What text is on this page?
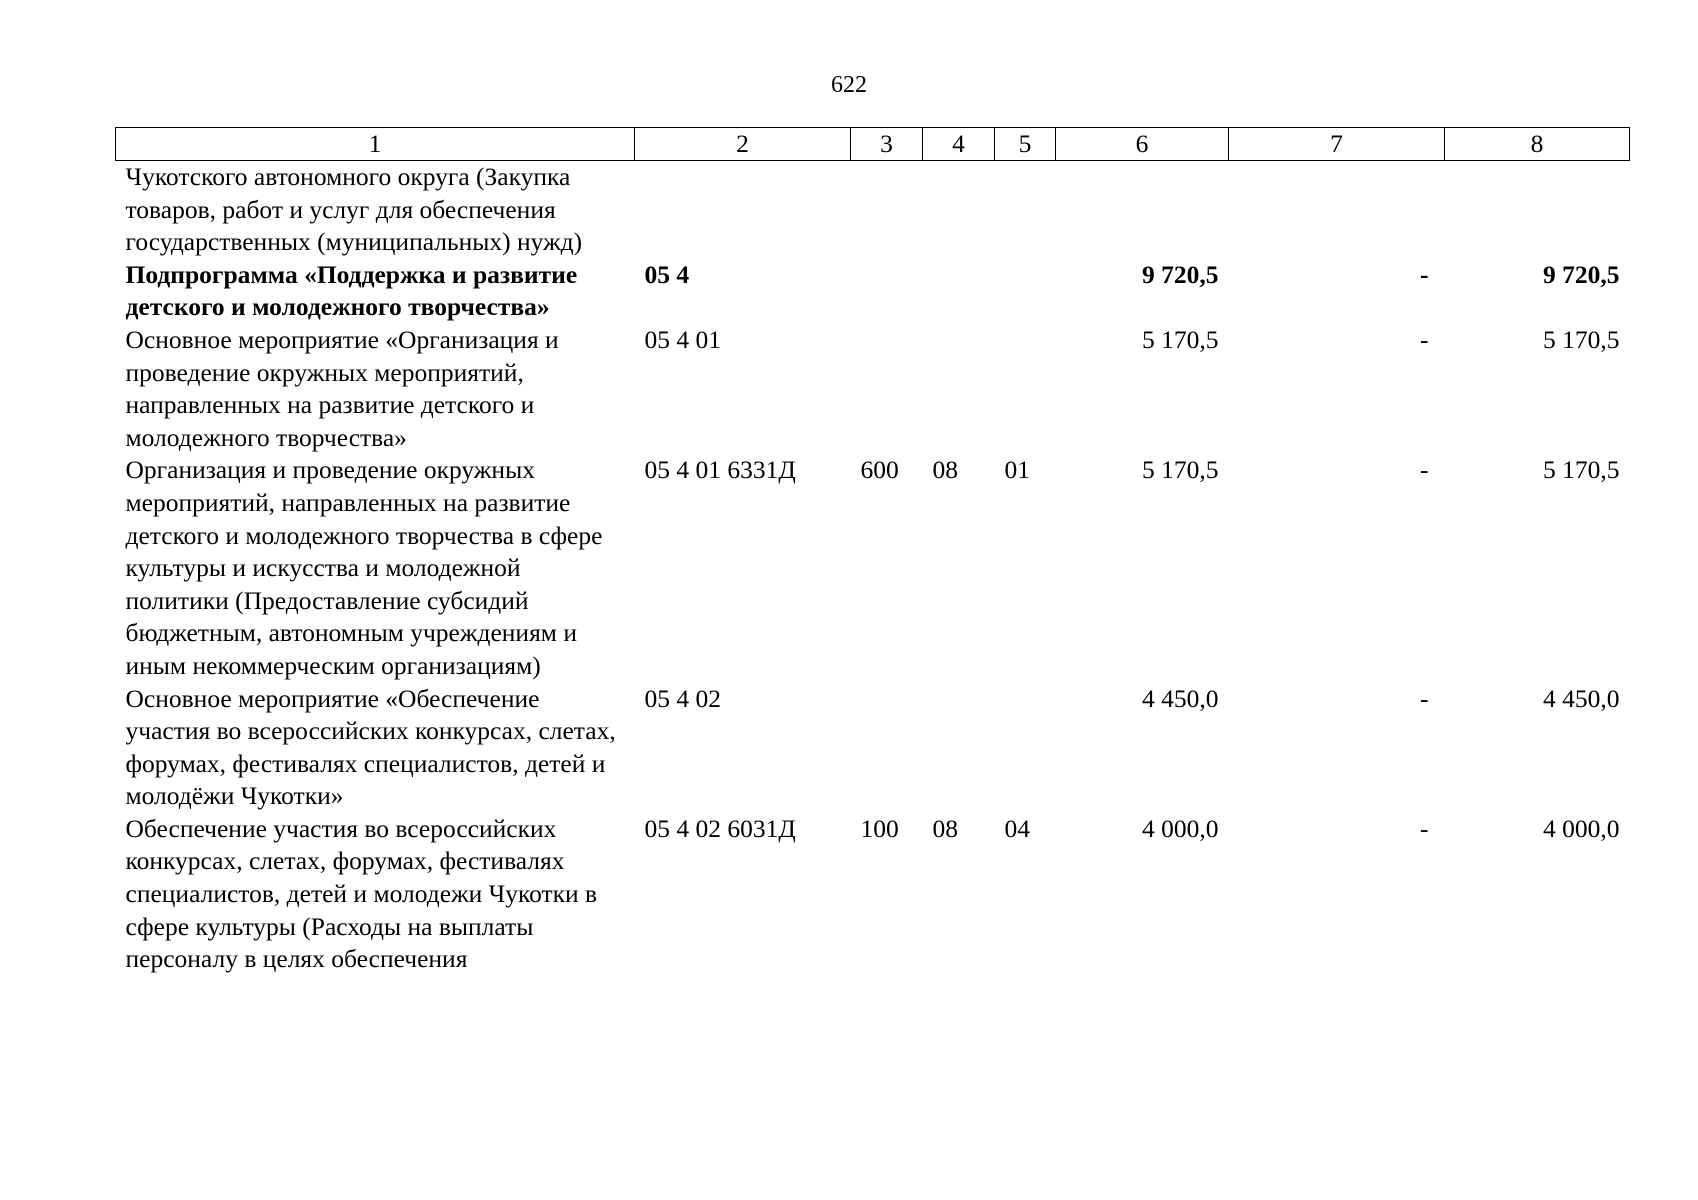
622
1	2	3	4	5	6	7	8
Чукотского автономного округа (Закупка товаров, работ и услуг для обеспечения государственных (муниципальных) нужд)							
Подпрограмма «Поддержка и развитие детского и молодежного творчества»	05 4				9 720,5	-	9 720,5
Основное мероприятие «Организация и проведение окружных мероприятий, направленных на развитие детского и молодежного творчества»	05 4 01				5 170,5	-	5 170,5
Организация и проведение окружных мероприятий, направленных на развитие детского и молодежного творчества в сфере культуры и искусства и молодежной политики (Предоставление субсидий бюджетным, автономным учреждениям и иным некоммерческим организациям)	05 4 01 6331Д	600	08	01	5 170,5	-	5 170,5
Основное мероприятие «Обеспечение участия во всероссийских конкурсах, слетах, форумах, фестивалях специалистов, детей и молодёжи Чукотки»	05 4 02				4 450,0	-	4 450,0
Обеспечение участия во всероссийских конкурсах, слетах, форумах, фестивалях специалистов, детей и молодежи Чукотки в сфере культуры (Расходы на выплаты персоналу в целях обеспечения	05 4 02 6031Д	100	08	04	4 000,0	-	4 000,0
